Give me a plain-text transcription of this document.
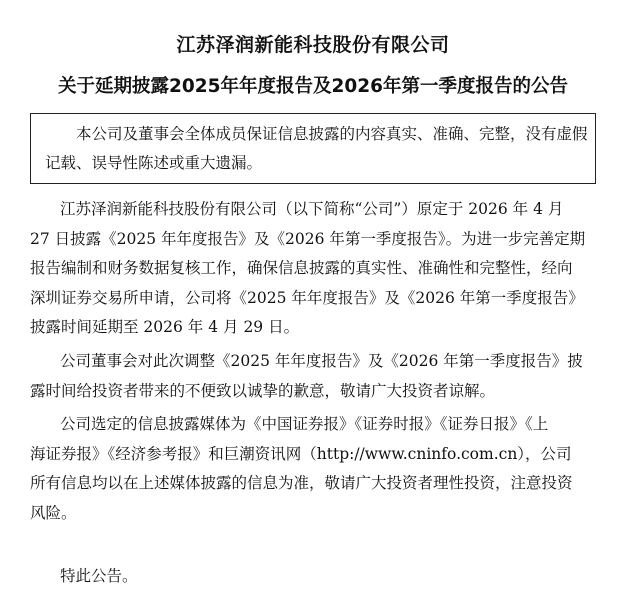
江苏泽润新能科技股份有限公司
关于延期披露2025年年度报告及2026年第一季度报告的公告
本公司及董事会全体成员保证信息披露的内容真实、准确、完整，没有虚假
记载、误导性陈述或重大遗漏。
江苏泽润新能科技股份有限公司（以下简称“公司”）原定于 2026 年 4 月
27 日披露《2025 年年度报告》及《2026 年第一季度报告》。为进一步完善定期
报告编制和财务数据复核工作，确保信息披露的真实性、准确性和完整性，经向
深圳证券交易所申请，公司将《2025 年年度报告》及《2026 年第一季度报告》
披露时间延期至 2026 年 4 月 29 日。
公司董事会对此次调整《2025 年年度报告》及《2026 年第一季度报告》披
露时间给投资者带来的不便致以诚挚的歉意，敬请广大投资者谅解。
公司选定的信息披露媒体为《中国证券报》《证券时报》《证券日报》《上
海证券报》《经济参考报》和巨潮资讯网（http://www.cninfo.com.cn），公司
所有信息均以在上述媒体披露的信息为准，敬请广大投资者理性投资，注意投资
风险。
特此公告。
